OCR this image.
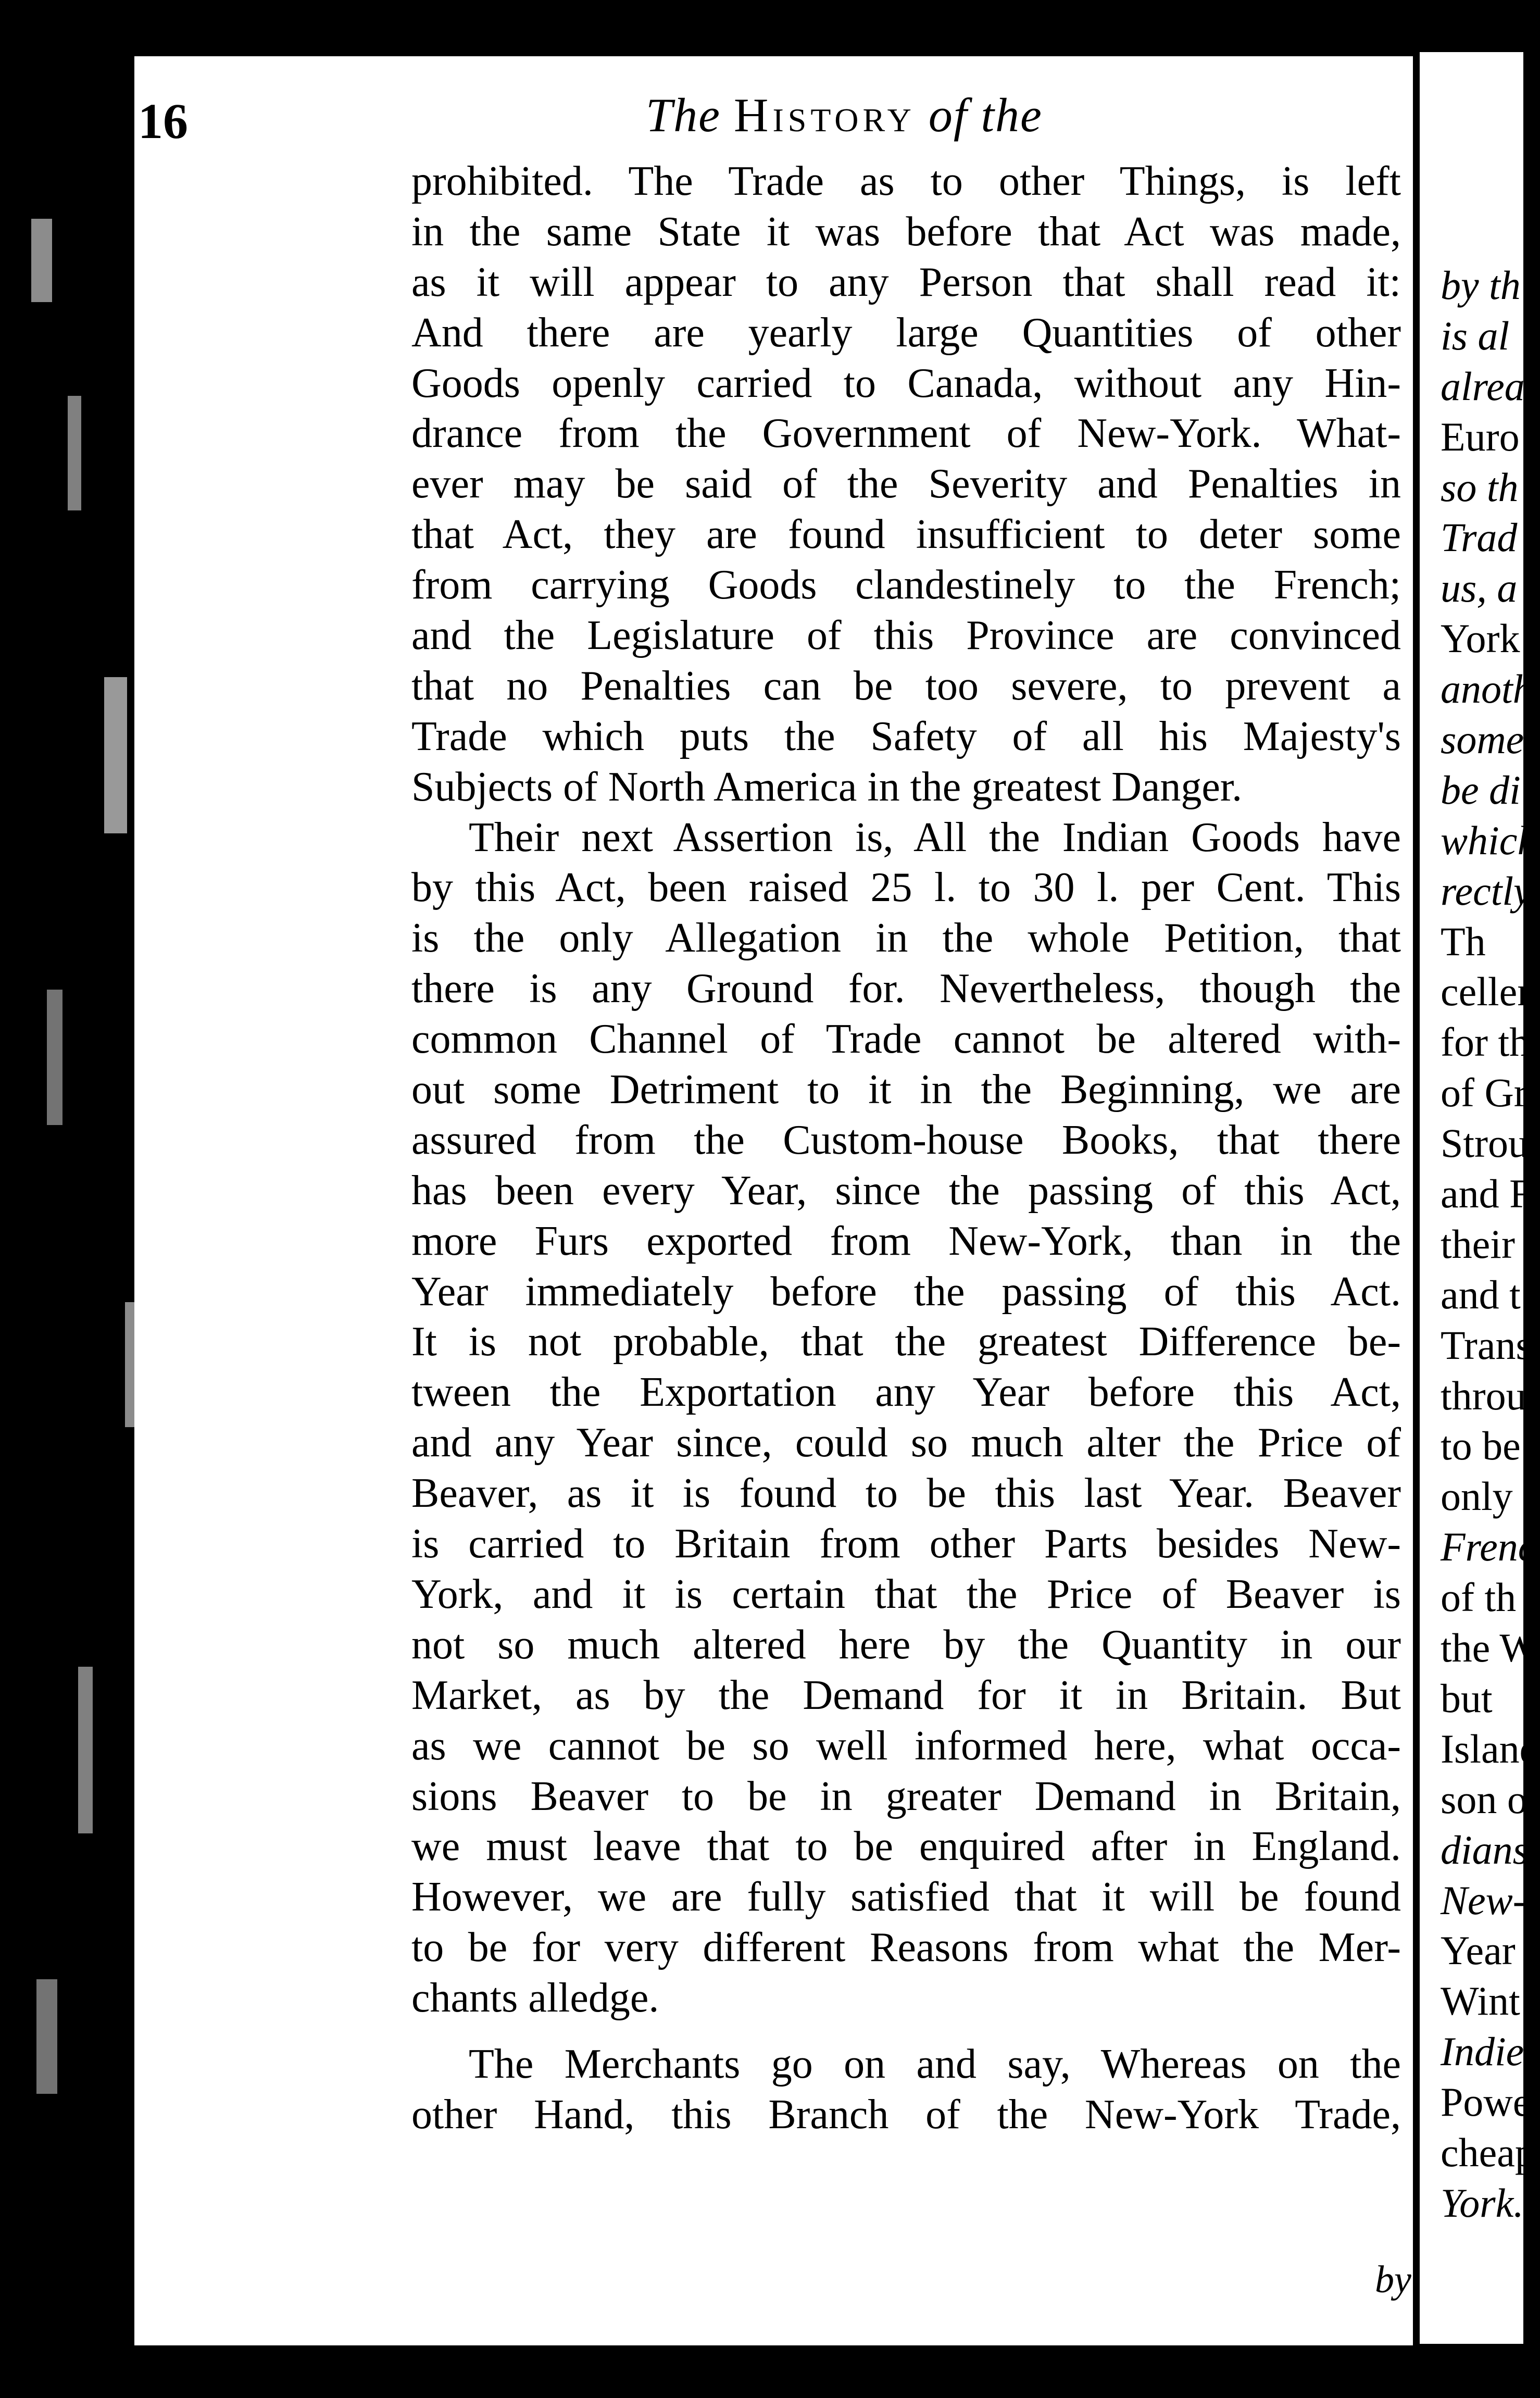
16	The History of the
prohibited. The Trade as to other Things, is left
in the same State it was before that Act was made,
as it will appear to any Person that shall read it:
And there are yearly large Quantities of other
Goods openly carried to Canada, without any Hin-
drance from the Government of New-York. What-
ever may be said of the Severity and Penalties in
that Act, they are found insufficient to deter some
from carrying Goods clandestinely to the French;
and the Legislature of this Province are convinced
that no Penalties can be too severe, to prevent a
Trade which puts the Safety of all his Majesty's
Subjects of North America in the greatest Danger.
Their next Assertion is, All the Indian Goods have
by this Act, been raised 25 l. to 30 l. per Cent. This
is the only Allegation in the whole Petition, that
there is any Ground for. Nevertheless, though the
common Channel of Trade cannot be altered with-
out some Detriment to it in the Beginning, we are
assured from the Custom-house Books, that there
has been every Year, since the passing of this Act,
more Furs exported from New-York, than in the
Year immediately before the passing of this Act.
It is not probable, that the greatest Difference be-
tween the Exportation any Year before this Act,
and any Year since, could so much alter the Price of
Beaver, as it is found to be this last Year. Beaver
is carried to Britain from other Parts besides New-
York, and it is certain that the Price of Beaver is
not so much altered here by the Quantity in our
Market, as by the Demand for it in Britain. But
as we cannot be so well informed here, what occa-
sions Beaver to be in greater Demand in Britain,
we must leave that to be enquired after in England.
However, we are fully satisfied that it will be found
to be for very different Reasons from what the Mer-
chants alledge.
The Merchants go on and say, Whereas on the
other Hand, this Branch of the New-York Trade,
by
by th
is al
alrea
Euro
so th
Trad
us, a
York
anoth
some
be di
which
rectly
Th
cellen
for th
of Gr
Strou
and F
their
and t
Trans
throu
to be
only
Frenc
of th
the W
but
Island
son o
dians,
New-
Year
Wint
Indies
Powe
cheap
York.
